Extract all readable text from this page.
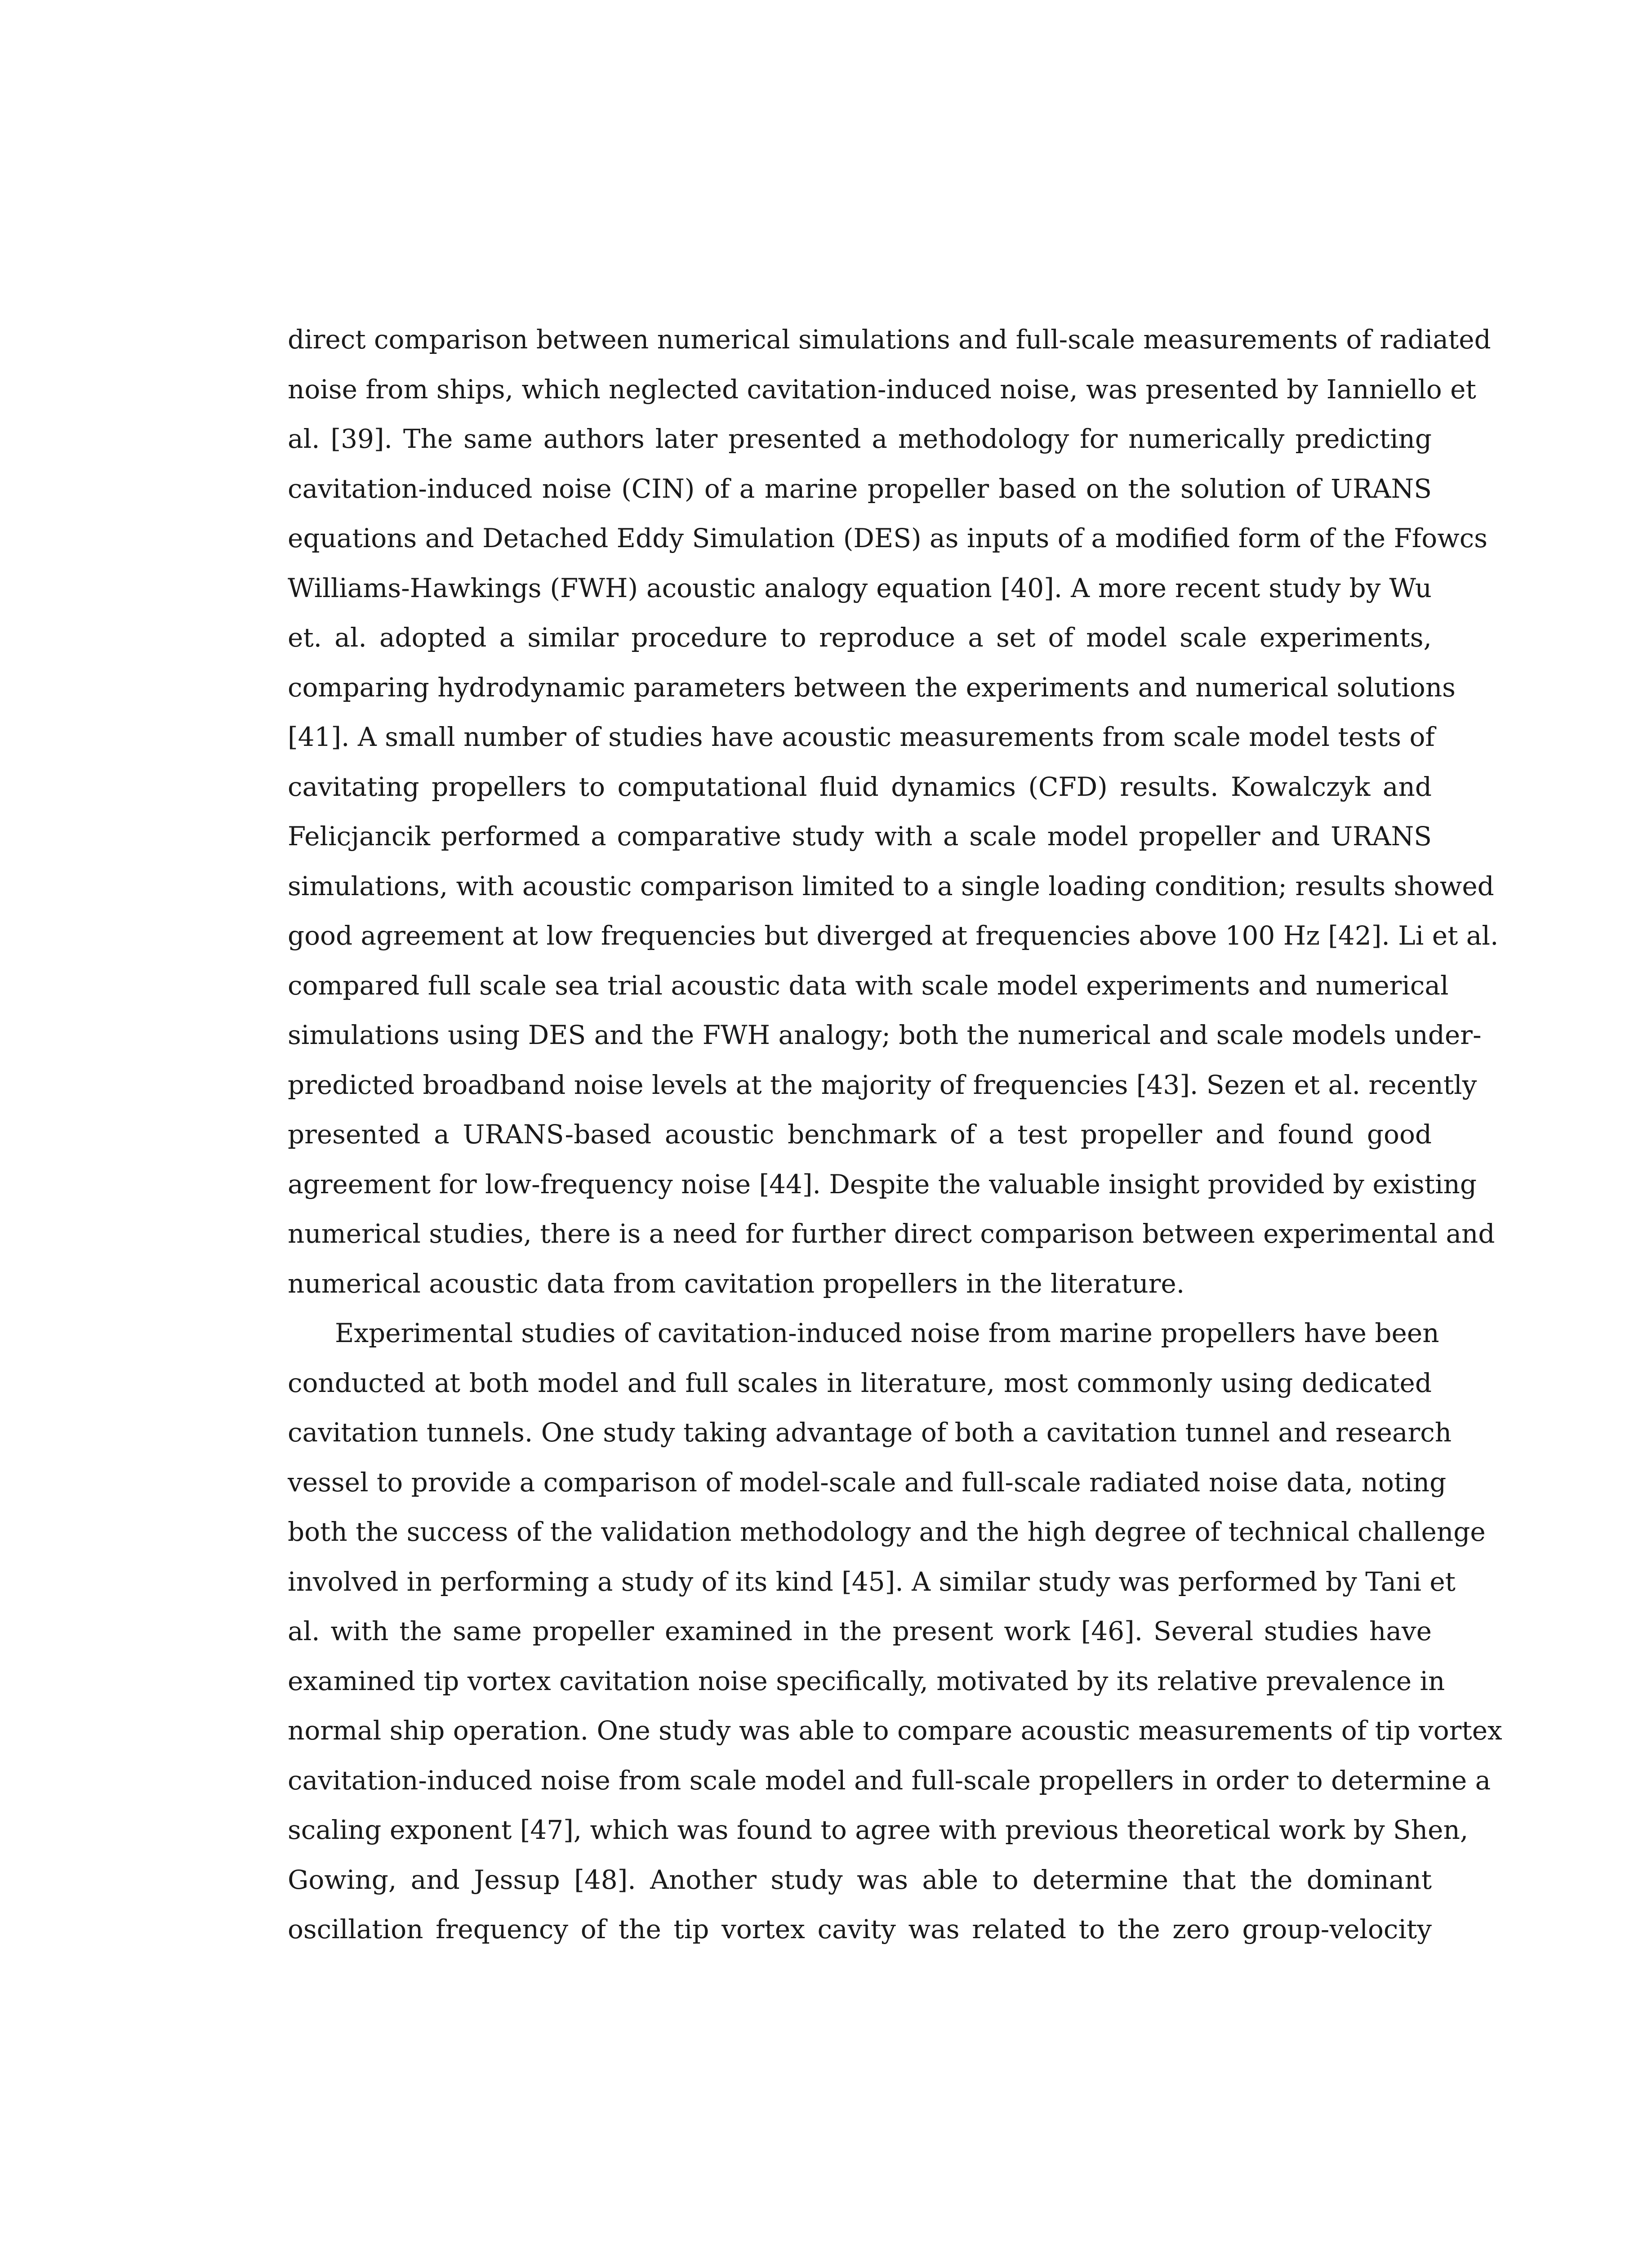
direct comparison between numerical simulations and full-scale measurements of radiated
noise from ships, which neglected cavitation-induced noise, was presented by Ianniello et
al. [39]. The same authors later presented a methodology for numerically predicting
cavitation-induced noise (CIN) of a marine propeller based on the solution of URANS
equations and Detached Eddy Simulation (DES) as inputs of a modified form of the Ffowcs
Williams-Hawkings (FWH) acoustic analogy equation [40]. A more recent study by Wu
et. al. adopted a similar procedure to reproduce a set of model scale experiments,
comparing hydrodynamic parameters between the experiments and numerical solutions
[41]. A small number of studies have acoustic measurements from scale model tests of
cavitating propellers to computational fluid dynamics (CFD) results. Kowalczyk and
Felicjancik performed a comparative study with a scale model propeller and URANS
simulations, with acoustic comparison limited to a single loading condition; results showed
good agreement at low frequencies but diverged at frequencies above 100 Hz [42]. Li et al.
compared full scale sea trial acoustic data with scale model experiments and numerical
simulations using DES and the FWH analogy; both the numerical and scale models under-
predicted broadband noise levels at the majority of frequencies [43]. Sezen et al. recently
presented a URANS-based acoustic benchmark of a test propeller and found good
agreement for low-frequency noise [44]. Despite the valuable insight provided by existing
numerical studies, there is a need for further direct comparison between experimental and
numerical acoustic data from cavitation propellers in the literature.
Experimental studies of cavitation-induced noise from marine propellers have been
conducted at both model and full scales in literature, most commonly using dedicated
cavitation tunnels. One study taking advantage of both a cavitation tunnel and research
vessel to provide a comparison of model-scale and full-scale radiated noise data, noting
both the success of the validation methodology and the high degree of technical challenge
involved in performing a study of its kind [45]. A similar study was performed by Tani et
al. with the same propeller examined in the present work [46]. Several studies have
examined tip vortex cavitation noise specifically, motivated by its relative prevalence in
normal ship operation. One study was able to compare acoustic measurements of tip vortex
cavitation-induced noise from scale model and full-scale propellers in order to determine a
scaling exponent [47], which was found to agree with previous theoretical work by Shen,
Gowing, and Jessup [48]. Another study was able to determine that the dominant
oscillation frequency of the tip vortex cavity was related to the zero group-velocity
